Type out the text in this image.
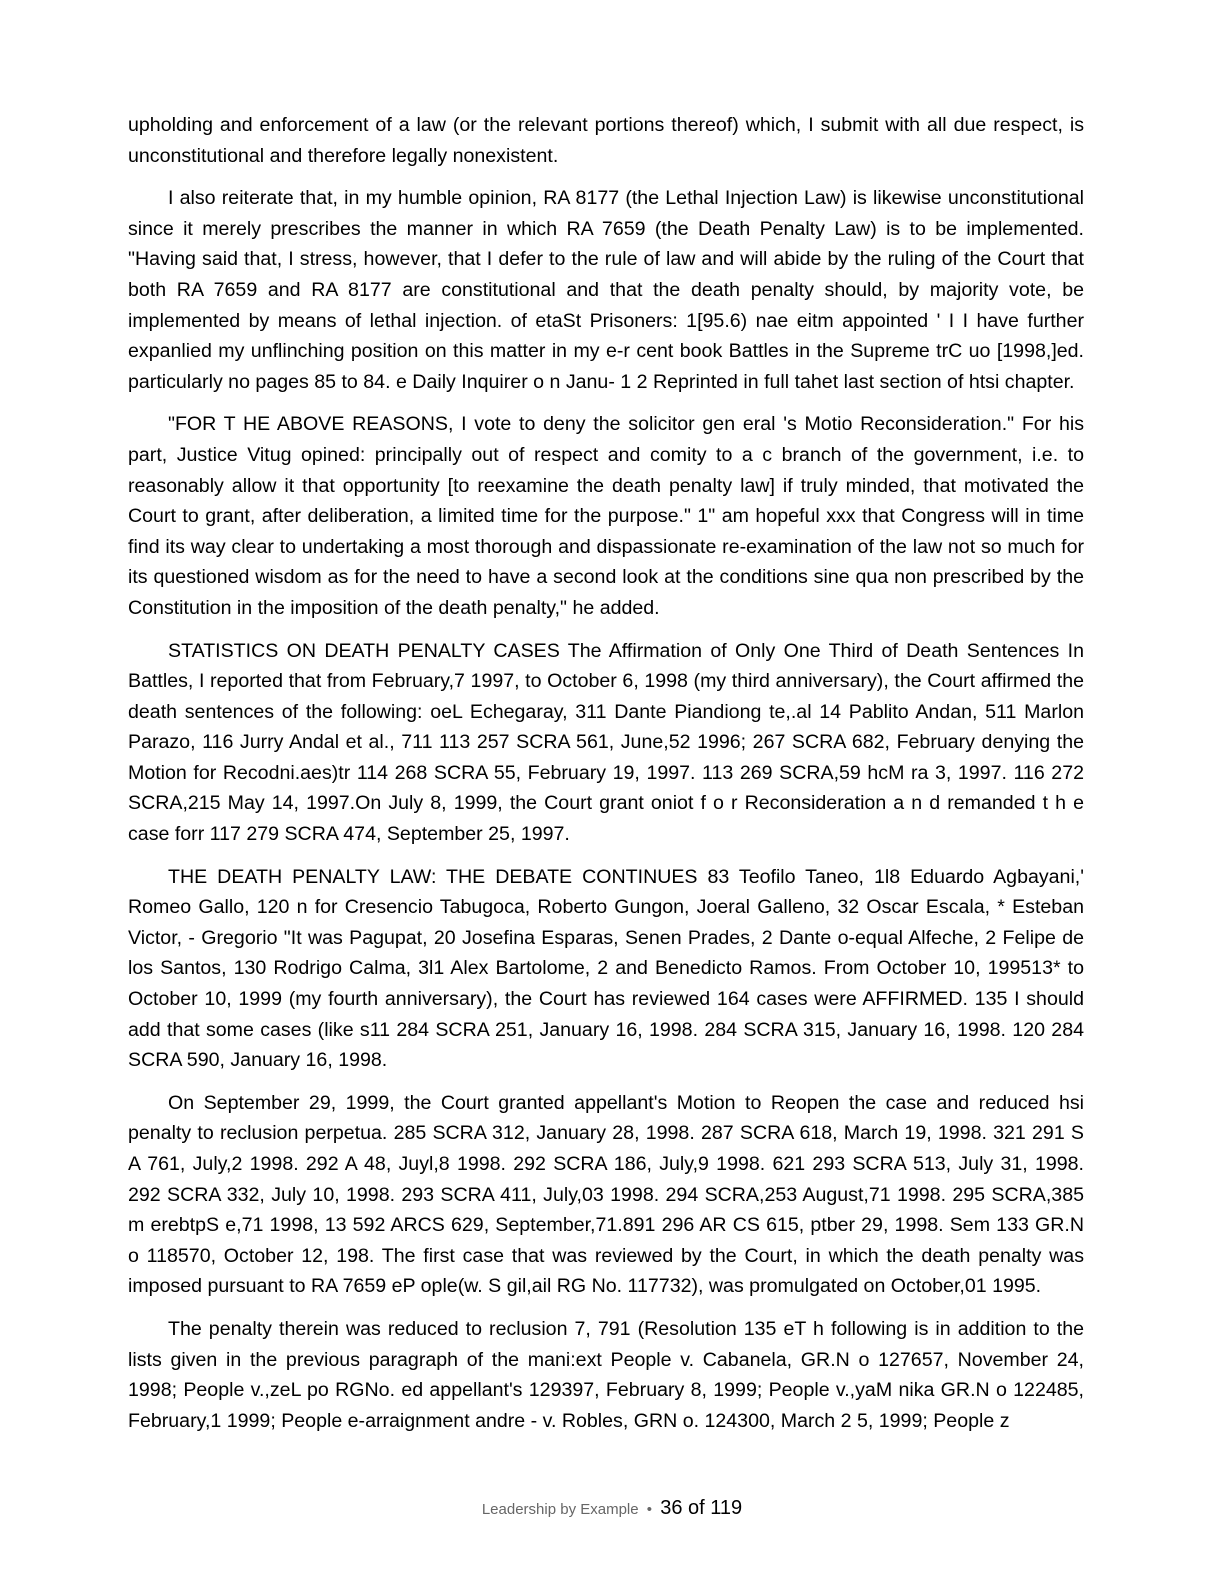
upholding and enforcement of a law (or the relevant portions thereof) which, I submit with all due respect, is unconstitutional and therefore legally nonexistent.

I also reiterate that, in my humble opinion, RA 8177 (the Lethal Injection Law) is likewise unconstitutional since it merely prescribes the manner in which RA 7659 (the Death Penalty Law) is to be implemented. "Having said that, I stress, however, that I defer to the rule of law and will abide by the ruling of the Court that both RA 7659 and RA 8177 are constitutional and that the death penalty should, by majority vote, be implemented by means of lethal injection. of etaSt Prisoners: 1[95.6) nae eitm appointed ' I I have further expanlied my unflinching position on this matter in my e-r cent book Battles in the Supreme trC uo [1998,]ed. particularly no pages 85 to 84. e Daily Inquirer o n Janu- 1 2 Reprinted in full tahet last section of htsi chapter.

"FOR T HE ABOVE REASONS, I vote to deny the solicitor gen eral 's Motio Reconsideration." For his part, Justice Vitug opined: principally out of respect and comity to a c branch of the government, i.e. to reasonably allow it that opportunity [to reexamine the death penalty law] if truly minded, that motivated the Court to grant, after deliberation, a limited time for the purpose." 1" am hopeful xxx that Congress will in time find its way clear to undertaking a most thorough and dispassionate re-examination of the law not so much for its questioned wisdom as for the need to have a second look at the conditions sine qua non prescribed by the Constitution in the imposition of the death penalty," he added.

STATISTICS ON DEATH PENALTY CASES The Affirmation of Only One Third of Death Sentences In Battles, I reported that from February,7 1997, to October 6, 1998 (my third anniversary), the Court affirmed the death sentences of the following: oeL Echegaray, 311 Dante Piandiong te,.al 14 Pablito Andan, 511 Marlon Parazo, 116 Jurry Andal et al., 711 113 257 SCRA 561, June,52 1996; 267 SCRA 682, February denying the Motion for Recodni.aes)tr 114 268 SCRA 55, February 19, 1997. 113 269 SCRA,59 hcM ra 3, 1997. 116 272 SCRA,215 May 14, 1997.On July 8, 1999, the Court grant oniot f o r Reconsideration a n d remanded t h e case forr 117 279 SCRA 474, September 25, 1997.

THE DEATH PENALTY LAW: THE DEBATE CONTINUES 83 Teofilo Taneo, 1l8 Eduardo Agbayani,' Romeo Gallo, 120 n for Cresencio Tabugoca, Roberto Gungon, Joeral Galleno, 32 Oscar Escala, * Esteban Victor, - Gregorio "It was Pagupat, 20 Josefina Esparas, Senen Prades, 2 Dante o-equal Alfeche, 2 Felipe de los Santos, 130 Rodrigo Calma, 3l1 Alex Bartolome, 2 and Benedicto Ramos. From October 10, 199513* to October 10, 1999 (my fourth anniversary), the Court has reviewed 164 cases were AFFIRMED. 135 I should add that some cases (like s11 284 SCRA 251, January 16, 1998. 284 SCRA 315, January 16, 1998. 120 284 SCRA 590, January 16, 1998.

On September 29, 1999, the Court granted appellant's Motion to Reopen the case and reduced hsi penalty to reclusion perpetua. 285 SCRA 312, January 28, 1998. 287 SCRA 618, March 19, 1998. 321 291 S A 761, July,2 1998. 292 A 48, Juyl,8 1998. 292 SCRA 186, July,9 1998. 621 293 SCRA 513, July 31, 1998. 292 SCRA 332, July 10, 1998. 293 SCRA 411, July,03 1998. 294 SCRA,253 August,71 1998. 295 SCRA,385 m erebtpS e,71 1998, 13 592 ARCS 629, September,71.891 296 AR CS 615, ptber 29, 1998. Sem 133 GR.N o 118570, October 12, 198. The first case that was reviewed by the Court, in which the death penalty was imposed pursuant to RA 7659 eP ople(w. S gil,ail RG No. 117732), was promulgated on October,01 1995.

The penalty therein was reduced to reclusion 7, 791 (Resolution 135 eT h following is in addition to the lists given in the previous paragraph of the mani:ext People v. Cabanela, GR.N o 127657, November 24, 1998; People v.,zeL po RGNo. ed appellant's 129397, February 8, 1999; People v.,yaM nika GR.N o 122485, February,1 1999; People e-arraignment andre - v. Robles, GRN o. 124300, March 2 5, 1999; People z

Leadership by Example • 36 of 119
